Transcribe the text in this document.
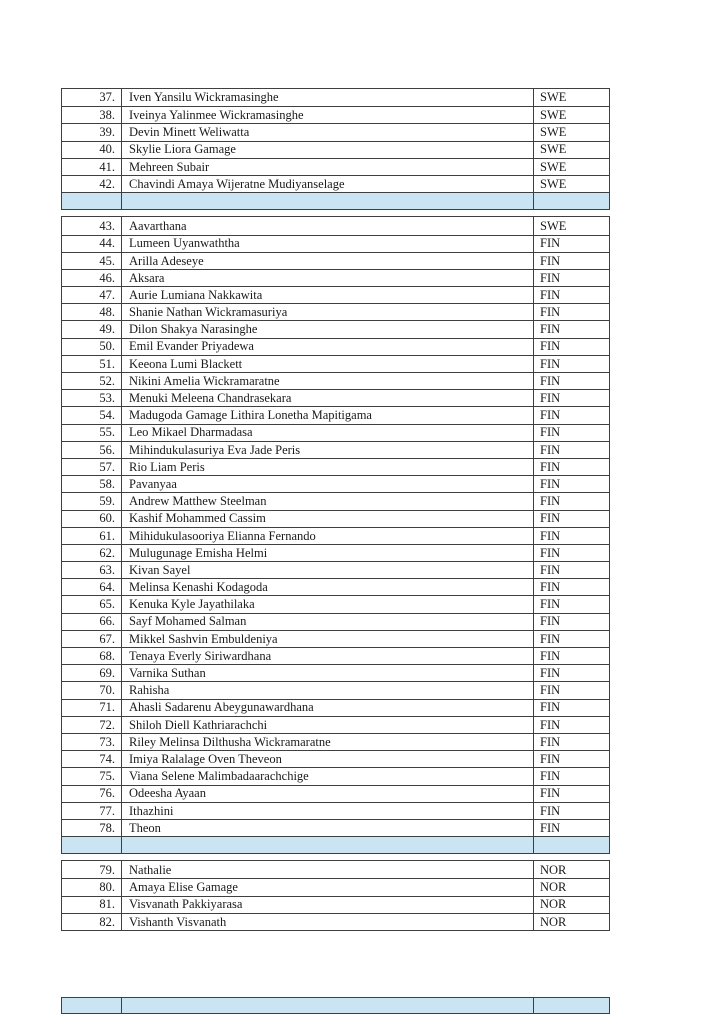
37.	Iven Yansilu Wickramasinghe	SWE
38.	Iveinya Yalinmee Wickramasinghe	SWE
39.	Devin Minett Weliwatta	SWE
40.	Skylie Liora Gamage	SWE
41.	Mehreen Subair	SWE
42.	Chavindi Amaya Wijeratne Mudiyanselage	SWE
43.	Aavarthana	SWE
44.	Lumeen Uyanwaththa	FIN
45.	Arilla Adeseye	FIN
46.	Aksara	FIN
47.	Aurie Lumiana Nakkawita	FIN
48.	Shanie Nathan Wickramasuriya	FIN
49.	Dilon Shakya Narasinghe	FIN
50.	Emil Evander Priyadewa	FIN
51.	Keeona Lumi Blackett	FIN
52.	Nikini Amelia Wickramaratne	FIN
53.	Menuki Meleena Chandrasekara	FIN
54.	Madugoda Gamage Lithira Lonetha Mapitigama	FIN
55.	Leo Mikael Dharmadasa	FIN
56.	Mihindukulasuriya Eva Jade Peris	FIN
57.	Rio Liam Peris	FIN
58.	Pavanyaa	FIN
59.	Andrew Matthew Steelman	FIN
60.	Kashif Mohammed Cassim	FIN
61.	Mihidukulasooriya Elianna Fernando	FIN
62.	Mulugunage Emisha Helmi	FIN
63.	Kivan Sayel	FIN
64.	Melinsa Kenashi Kodagoda	FIN
65.	Kenuka Kyle Jayathilaka	FIN
66.	Sayf Mohamed Salman	FIN
67.	Mikkel Sashvin Embuldeniya	FIN
68.	Tenaya Everly Siriwardhana	FIN
69.	Varnika Suthan	FIN
70.	Rahisha	FIN
71.	Ahasli Sadarenu Abeygunawardhana	FIN
72.	Shiloh Diell Kathriarachchi	FIN
73.	Riley Melinsa Dilthusha Wickramaratne	FIN
74.	Imiya Ralalage Oven Theveon	FIN
75.	Viana Selene Malimbadaarachchige	FIN
76.	Odeesha Ayaan	FIN
77.	Ithazhini	FIN
78.	Theon	FIN
79.	Nathalie	NOR
80.	Amaya Elise Gamage	NOR
81.	Visvanath Pakkiyarasa	NOR
82.	Vishanth Visvanath	NOR
